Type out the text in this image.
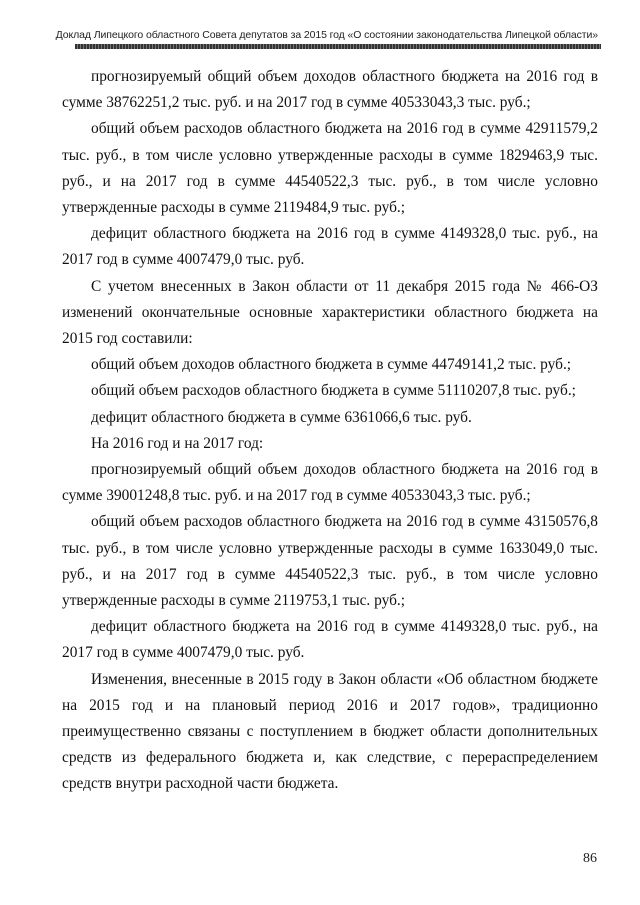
Доклад Липецкого областного Совета депутатов за 2015 год «О состоянии законодательства Липецкой области»

прогнозируемый общий объем доходов областного бюджета на 2016 год в сумме 38762251,2 тыс. руб. и на 2017 год в сумме 40533043,3 тыс. руб.;

общий объем расходов областного бюджета на 2016 год в сумме 42911579,2 тыс. руб., в том числе условно утвержденные расходы в сумме 1829463,9 тыс. руб., и на 2017 год в сумме 44540522,3 тыс. руб., в том числе условно утвержденные расходы в сумме 2119484,9 тыс. руб.;

дефицит областного бюджета на 2016 год в сумме 4149328,0 тыс. руб., на 2017 год в сумме 4007479,0 тыс. руб.

С учетом внесенных в Закон области от 11 декабря 2015 года № 466-ОЗ изменений окончательные основные характеристики областного бюджета на 2015 год составили:

общий объем доходов областного бюджета в сумме 44749141,2 тыс. руб.;

общий объем расходов областного бюджета в сумме 51110207,8 тыс. руб.;

дефицит областного бюджета в сумме 6361066,6 тыс. руб.

На 2016 год и на 2017 год:

прогнозируемый общий объем доходов областного бюджета на 2016 год в сумме 39001248,8 тыс. руб. и на 2017 год в сумме 40533043,3 тыс. руб.;

общий объем расходов областного бюджета на 2016 год в сумме 43150576,8 тыс. руб., в том числе условно утвержденные расходы в сумме 1633049,0 тыс. руб., и на 2017 год в сумме 44540522,3 тыс. руб., в том числе условно утвержденные расходы в сумме 2119753,1 тыс. руб.;

дефицит областного бюджета на 2016 год в сумме 4149328,0 тыс. руб., на 2017 год в сумме 4007479,0 тыс. руб.

Изменения, внесенные в 2015 году в Закон области «Об областном бюджете на 2015 год и на плановый период 2016 и 2017 годов», традиционно преимущественно связаны с поступлением в бюджет области дополнительных средств из федерального бюджета и, как следствие, с перераспределением средств внутри расходной части бюджета.

86
